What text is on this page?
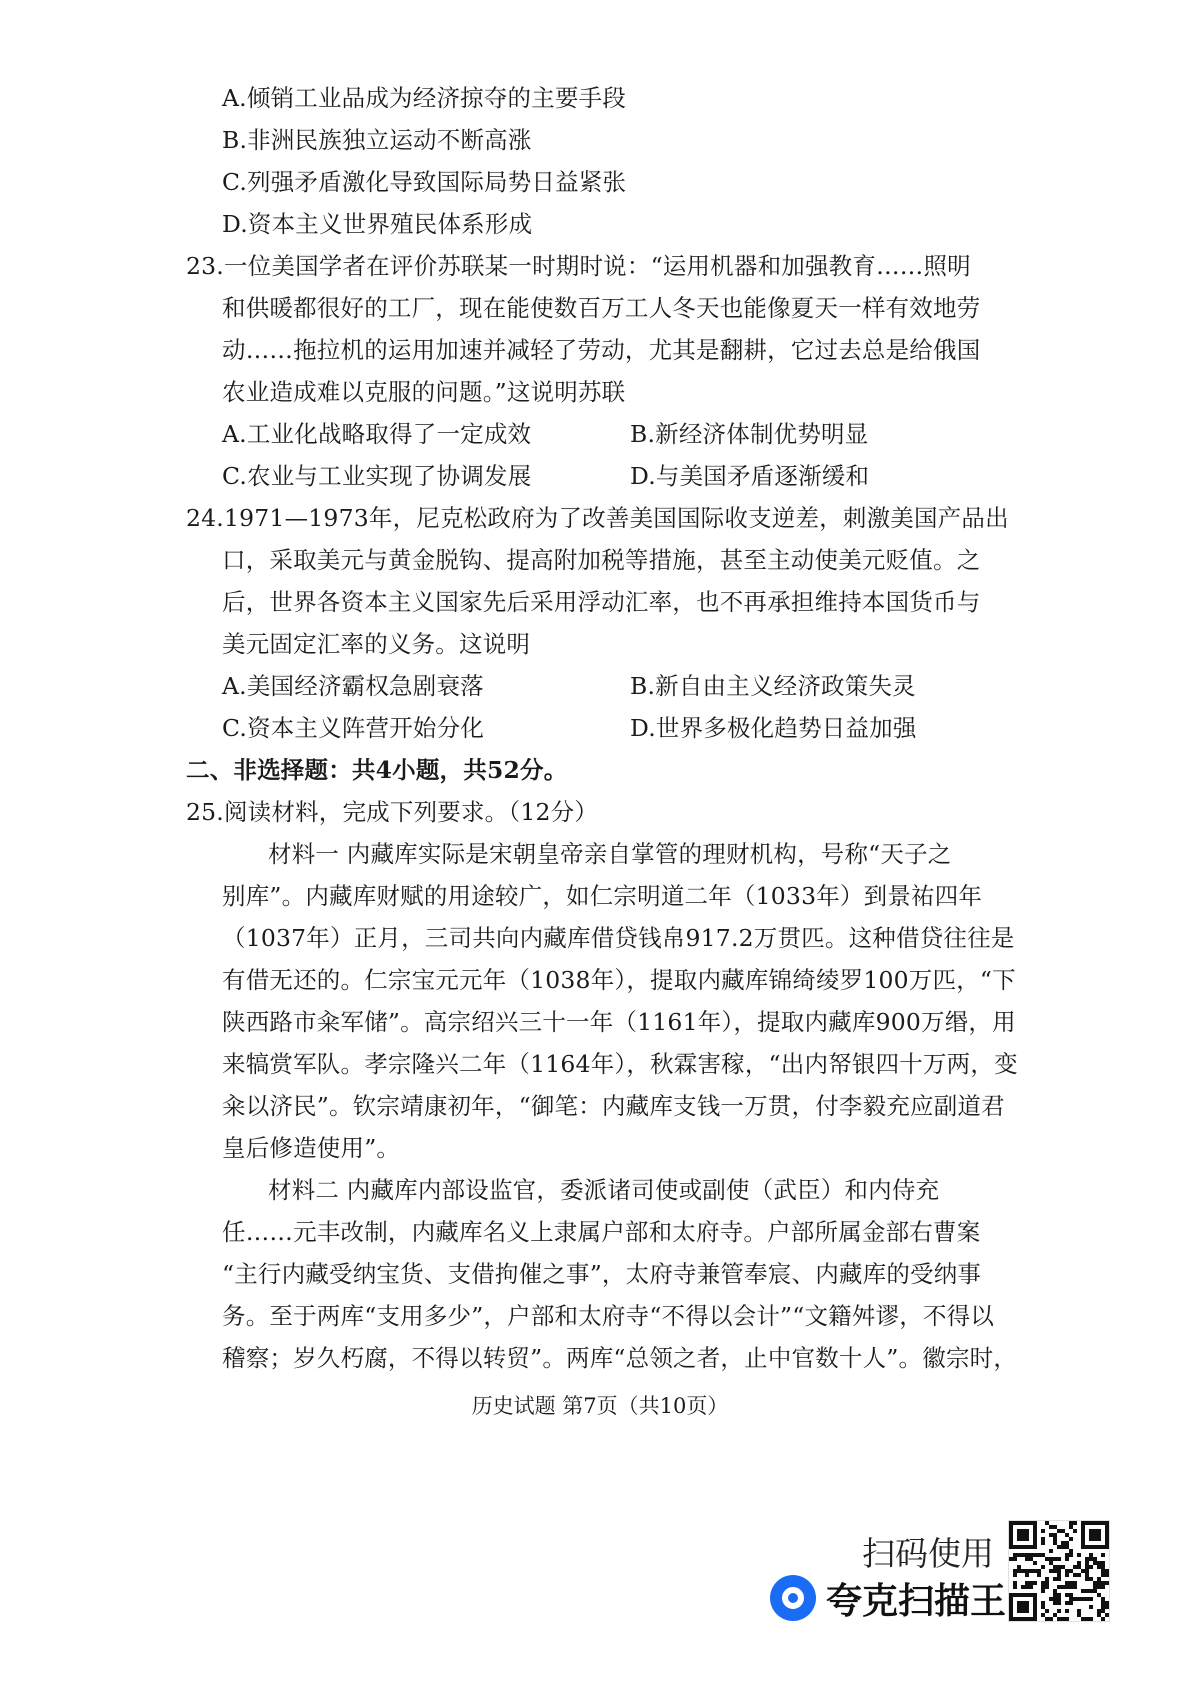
A.倾销工业品成为经济掠夺的主要手段
B.非洲民族独立运动不断高涨
C.列强矛盾激化导致国际局势日益紧张
D.资本主义世界殖民体系形成
23.一位美国学者在评价苏联某一时期时说：“运用机器和加强教育……照明
和供暖都很好的工厂，现在能使数百万工人冬天也能像夏天一样有效地劳
动……拖拉机的运用加速并减轻了劳动，尤其是翻耕，它过去总是给俄国
农业造成难以克服的问题。”这说明苏联
A.工业化战略取得了一定成效	B.新经济体制优势明显
C.农业与工业实现了协调发展	D.与美国矛盾逐渐缓和
24.1971—1973年，尼克松政府为了改善美国国际收支逆差，刺激美国产品出
口，采取美元与黄金脱钩、提高附加税等措施，甚至主动使美元贬值。之
后，世界各资本主义国家先后采用浮动汇率，也不再承担维持本国货币与
美元固定汇率的义务。这说明
A.美国经济霸权急剧衰落	B.新自由主义经济政策失灵
C.资本主义阵营开始分化	D.世界多极化趋势日益加强
二、非选择题：共4小题，共52分。
25.阅读材料，完成下列要求。（12分）
材料一 内藏库实际是宋朝皇帝亲自掌管的理财机构，号称“天子之
别库”。内藏库财赋的用途较广，如仁宗明道二年（1033年）到景祐四年
（1037年）正月，三司共向内藏库借贷钱帛917.2万贯匹。这种借贷往往是
有借无还的。仁宗宝元元年（1038年），提取内藏库锦绮绫罗100万匹，“下
陕西路市籴军储”。高宗绍兴三十一年（1161年），提取内藏库900万缗，用
来犒赏军队。孝宗隆兴二年（1164年），秋霖害稼，“出内帑银四十万两，变
籴以济民”。钦宗靖康初年，“御笔：内藏库支钱一万贯，付李毅充应副道君
皇后修造使用”。
材料二 内藏库内部设监官，委派诸司使或副使（武臣）和内侍充
任……元丰改制，内藏库名义上隶属户部和太府寺。户部所属金部右曹案
“主行内藏受纳宝货、支借拘催之事”，太府寺兼管奉宸、内藏库的受纳事
务。至于两库“支用多少”，户部和太府寺“不得以会计”“文籍舛谬，不得以
稽察；岁久朽腐，不得以转贸”。两库“总领之者，止中官数十人”。徽宗时，
历史试题 第7页（共10页）
扫码使用
夸克扫描王
